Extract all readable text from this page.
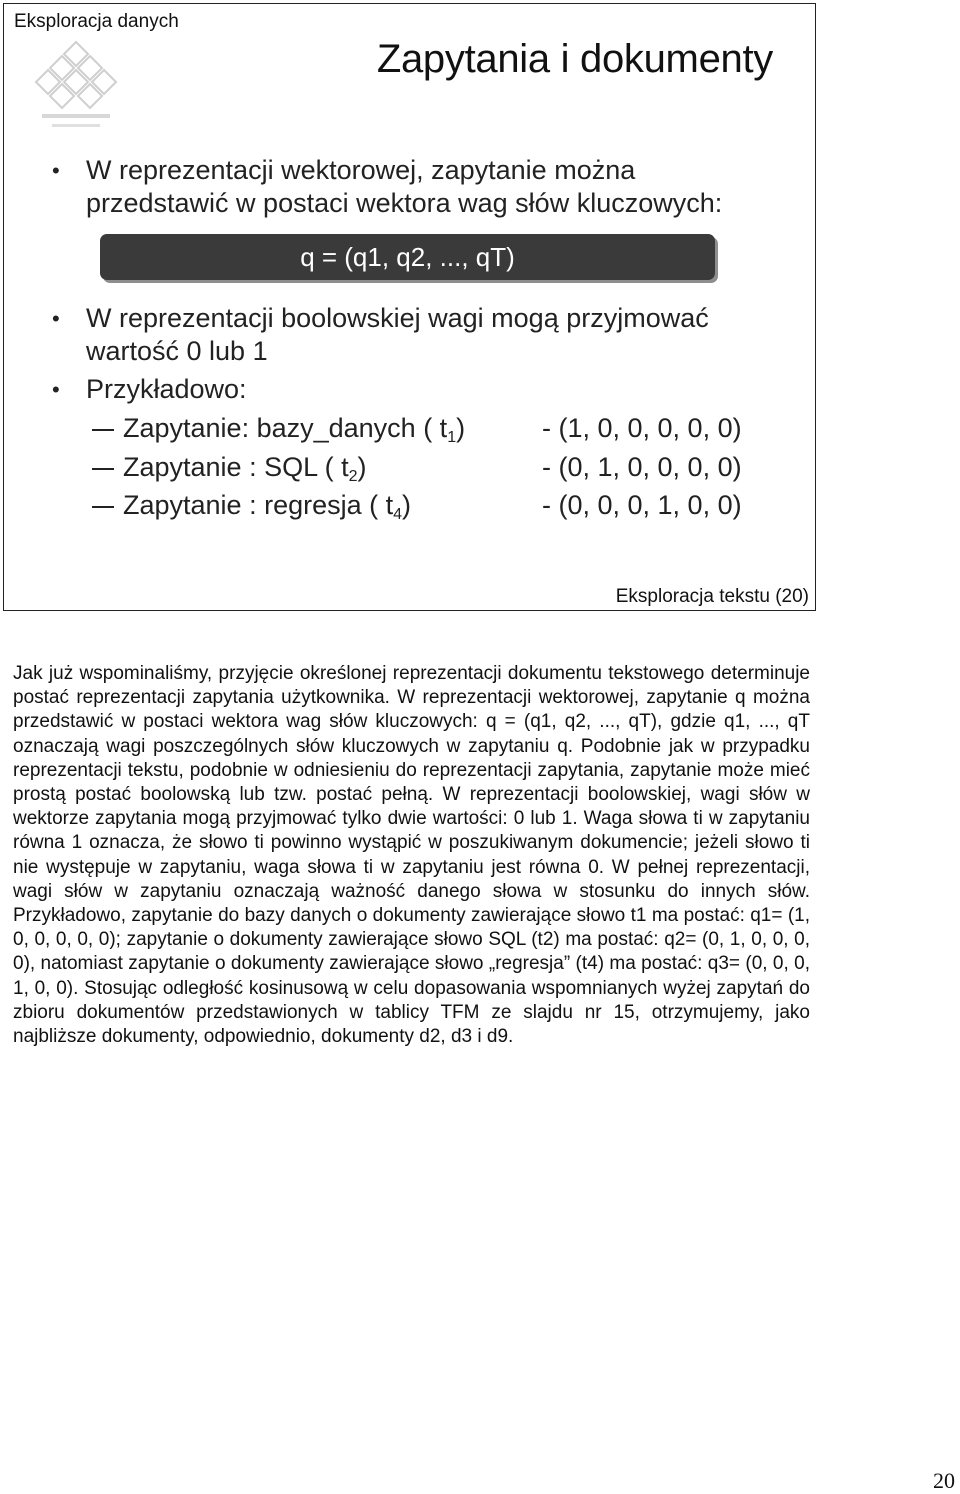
Eksploracja danych
Zapytania i dokumenty
• W reprezentacji wektorowej, zapytanie można
przedstawić w postaci wektora wag słów kluczowych:
q = (q1, q2, ..., qT)
• W reprezentacji boolowskiej wagi mogą przyjmować
wartość 0 lub 1
• Przykładowo:
Zapytanie: bazy_danych ( $t_1$)	- (1, 0, 0, 0, 0, 0)
Zapytanie : SQL ( $t_2$)	- (0, 1, 0, 0, 0, 0)
Zapytanie : regresja ( $t_4$)	- (0, 0, 0, 1, 0, 0)
Eksploracja tekstu (20)
Jak już wspominaliśmy, przyjęcie określonej reprezentacji dokumentu tekstowego determinuje postać reprezentacji zapytania użytkownika. W reprezentacji wektorowej, zapytanie q można przedstawić w postaci wektora wag słów kluczowych: q = (q1, q2, ..., qT), gdzie q1, ..., qT oznaczają wagi poszczególnych słów kluczowych w zapytaniu q. Podobnie jak w przypadku reprezentacji tekstu, podobnie w odniesieniu do reprezentacji zapytania, zapytanie może mieć prostą postać boolowską lub tzw. postać pełną. W reprezentacji boolowskiej, wagi słów w wektorze zapytania mogą przyjmować tylko dwie wartości: 0 lub 1. Waga słowa ti w zapytaniu równa 1 oznacza, że słowo ti powinno wystąpić w poszukiwanym dokumencie; jeżeli słowo ti nie występuje w zapytaniu, waga słowa ti w zapytaniu jest równa 0. W pełnej reprezentacji, wagi słów w zapytaniu oznaczają ważność danego słowa w stosunku do innych słów. Przykładowo, zapytanie do bazy danych o dokumenty zawierające słowo t1 ma postać: q1= (1, 0, 0, 0, 0, 0); zapytanie o dokumenty zawierające słowo SQL (t2) ma postać: q2= (0, 1, 0, 0, 0, 0), natomiast zapytanie o dokumenty zawierające słowo „regresja” (t4) ma postać: q3= (0, 0, 0, 1, 0, 0). Stosując odległość kosinusową w celu dopasowania wspomnianych wyżej zapytań do zbioru dokumentów przedstawionych w tablicy TFM ze slajdu nr 15, otrzymujemy, jako najbliższe dokumenty, odpowiednio, dokumenty d2, d3 i d9.
20
